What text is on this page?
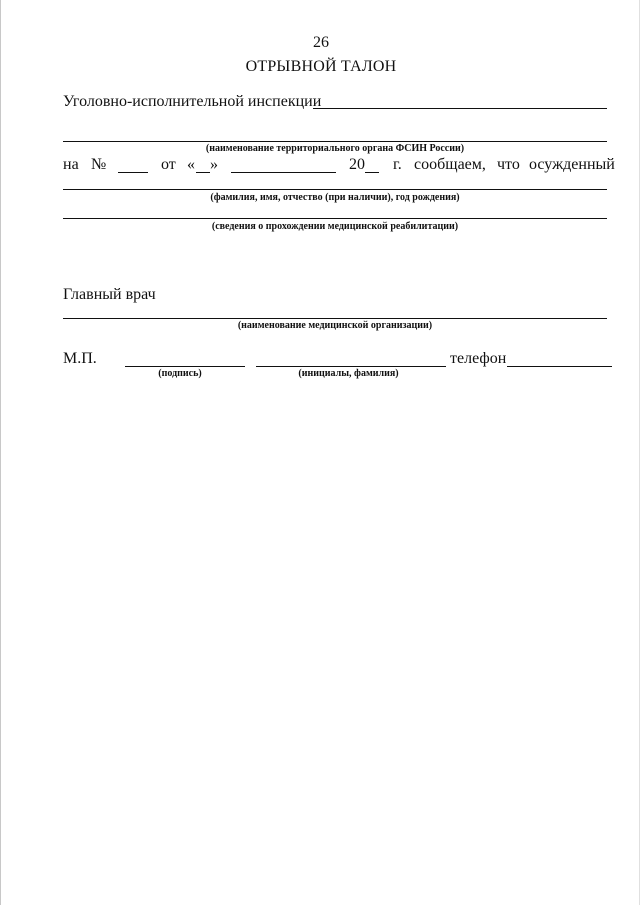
26
ОТРЫВНОЙ ТАЛОН
Уголовно-исполнительной инспекции
(наименование территориального органа ФСИН России)
на №	от « »	20 г. сообщаем, что осужденный
(фамилия, имя, отчество (при наличии), год рождения)
(сведения о прохождении медицинской реабилитации)
Главный врач
(наименование медицинской организации)
М.П.
(подпись)	(инициалы, фамилия)
телефон
